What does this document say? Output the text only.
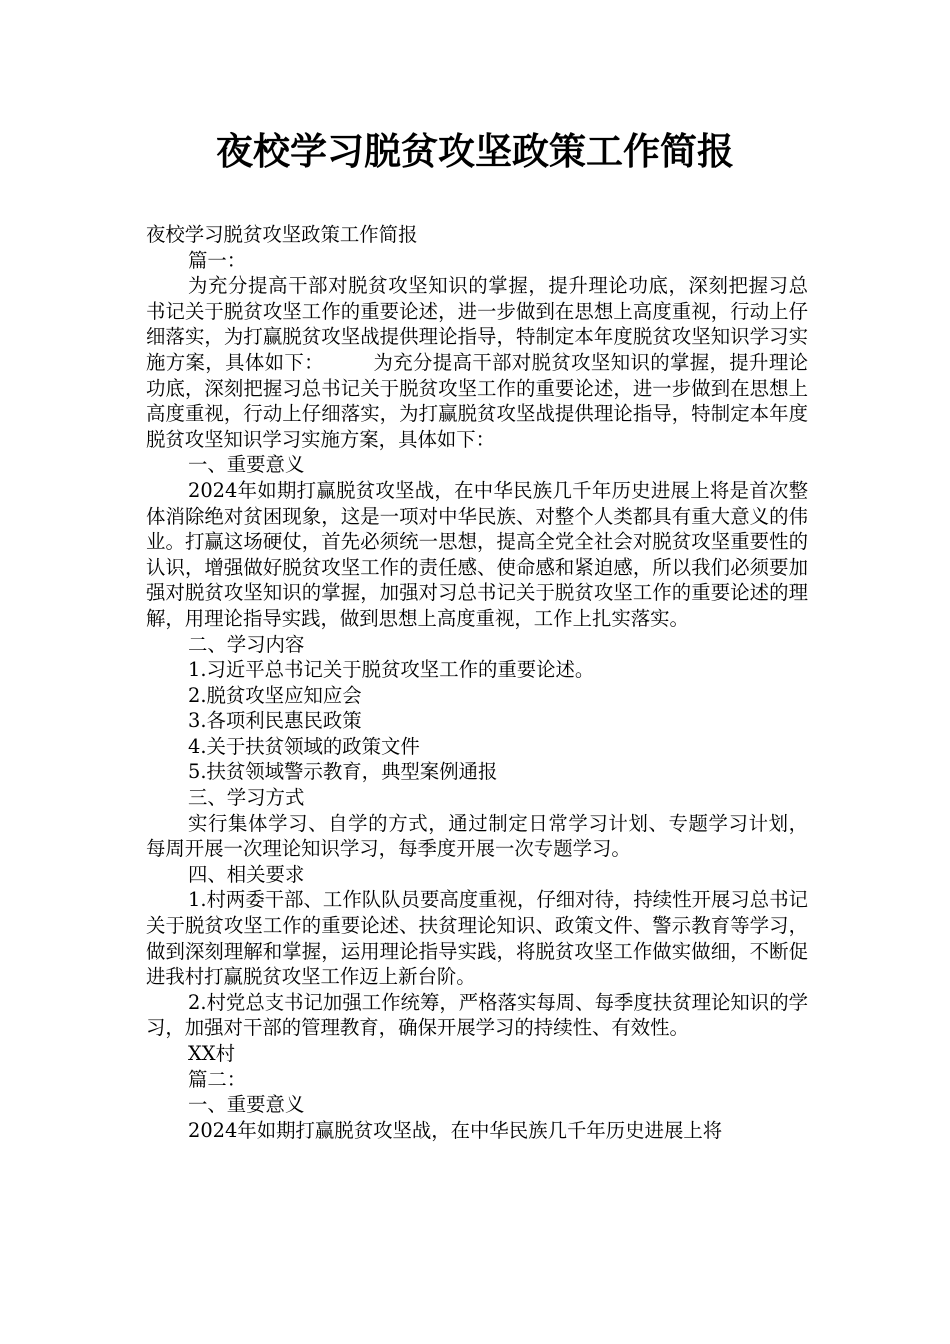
夜校学习脱贫攻坚政策工作简报

夜校学习脱贫攻坚政策工作简报

篇一：

为充分提高干部对脱贫攻坚知识的掌握，提升理论功底，深刻把握习总书记关于脱贫攻坚工作的重要论述，进一步做到在思想上高度重视，行动上仔细落实，为打赢脱贫攻坚战提供理论指导，特制定本年度脱贫攻坚知识学习实施方案，具体如下：　　　为充分提高干部对脱贫攻坚知识的掌握，提升理论功底，深刻把握习总书记关于脱贫攻坚工作的重要论述，进一步做到在思想上高度重视，行动上仔细落实，为打赢脱贫攻坚战提供理论指导，特制定本年度脱贫攻坚知识学习实施方案，具体如下：

一、重要意义

2024年如期打赢脱贫攻坚战，在中华民族几千年历史进展上将是首次整体消除绝对贫困现象，这是一项对中华民族、对整个人类都具有重大意义的伟业。打赢这场硬仗，首先必须统一思想，提高全党全社会对脱贫攻坚重要性的认识，增强做好脱贫攻坚工作的责任感、使命感和紧迫感，所以我们必须要加强对脱贫攻坚知识的掌握，加强对习总书记关于脱贫攻坚工作的重要论述的理解，用理论指导实践，做到思想上高度重视，工作上扎实落实。

二、学习内容

1.习近平总书记关于脱贫攻坚工作的重要论述。

2.脱贫攻坚应知应会

3.各项利民惠民政策

4.关于扶贫领域的政策文件

5.扶贫领域警示教育，典型案例通报

三、学习方式

实行集体学习、自学的方式，通过制定日常学习计划、专题学习计划，每周开展一次理论知识学习，每季度开展一次专题学习。

四、相关要求

1.村两委干部、工作队队员要高度重视，仔细对待，持续性开展习总书记关于脱贫攻坚工作的重要论述、扶贫理论知识、政策文件、警示教育等学习，做到深刻理解和掌握，运用理论指导实践，将脱贫攻坚工作做实做细，不断促进我村打赢脱贫攻坚工作迈上新台阶。

2.村党总支书记加强工作统筹，严格落实每周、每季度扶贫理论知识的学习，加强对干部的管理教育，确保开展学习的持续性、有效性。

XX村

篇二：

一、重要意义

2024年如期打赢脱贫攻坚战，在中华民族几千年历史进展上将
